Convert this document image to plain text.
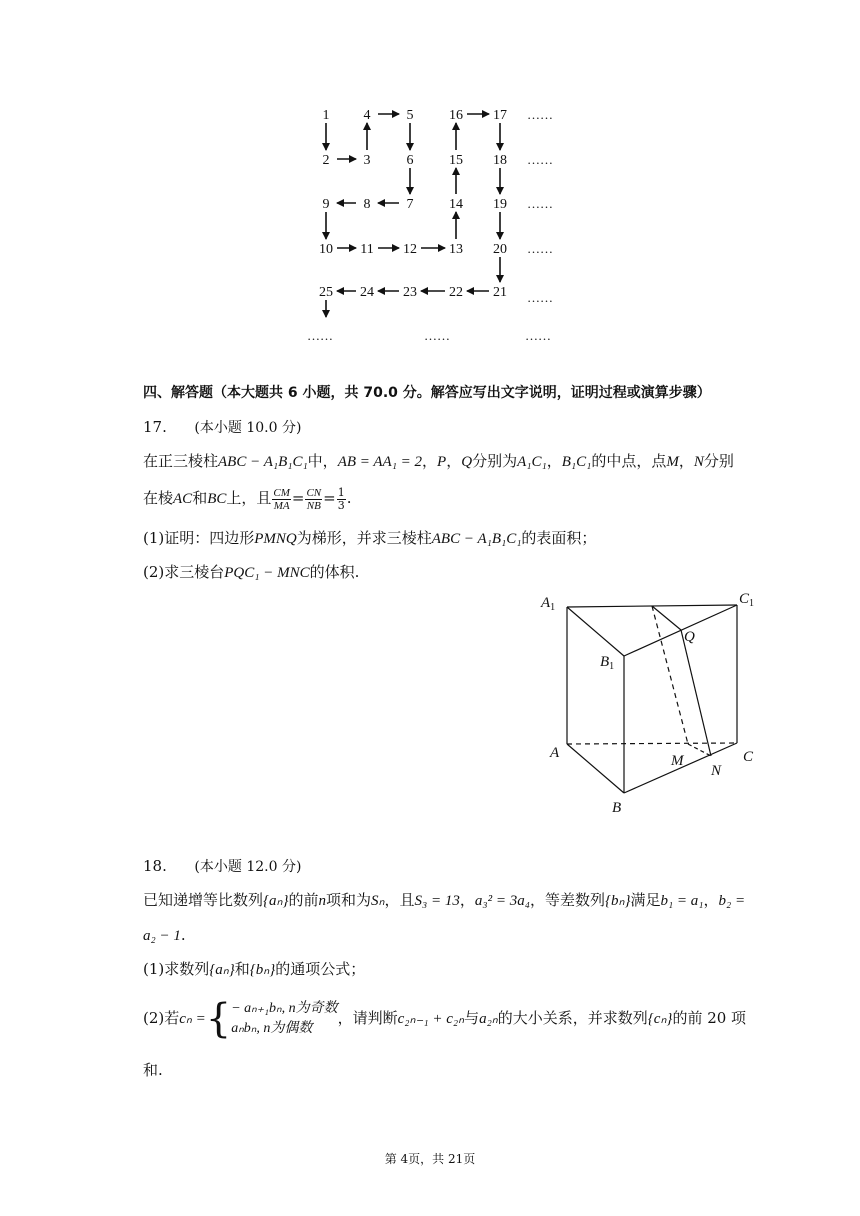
1
2 3
4	5
6
7
8
9
10 11 12 13
14
15
16 17
18
19
20
21
22
23
24
25
……
……
……
……
……
……	……	……
四、解答题（本大题共 6 小题，共 70.0 分。解答应写出文字说明，证明过程或演算步骤）
17. (本小题 10.0 分)
在正三棱柱ABC − A₁B₁C₁中，AB = AA₁ = 2，P，Q分别为A₁C₁，B₁C₁的中点，点M，N分别
在棱AC和BC上，且 $\frac{CM}{MA} = \frac{CN}{NB} = \frac{1}{3}$ .
(1)证明：四边形PMNQ为梯形，并求三棱柱ABC − A₁B₁C₁的表面积；
(2)求三棱台PQC₁ − MNC的体积.
$A_1$
$C_1$
$B_1$
Q
A	M
N
C
B
18. (本小题 12.0 分)
已知递增等比数列{aₙ}的前n项和为Sₙ，且S₃ = 13，a₃² = 3a₄，等差数列{bₙ}满足b₁ = a₁，b₂ =
a₂ − 1.
(1)求数列{aₙ}和{bₙ}的通项公式；
(2)若cₙ ={ − aₙ₊₁bₙ, n为奇数
aₙbₙ, n为偶数
，请判断c₂ₙ₋₁ + c₂ₙ与a₂ₙ的大小关系，并求数列{cₙ}的前 20 项
和.
第 4页，共 21页
